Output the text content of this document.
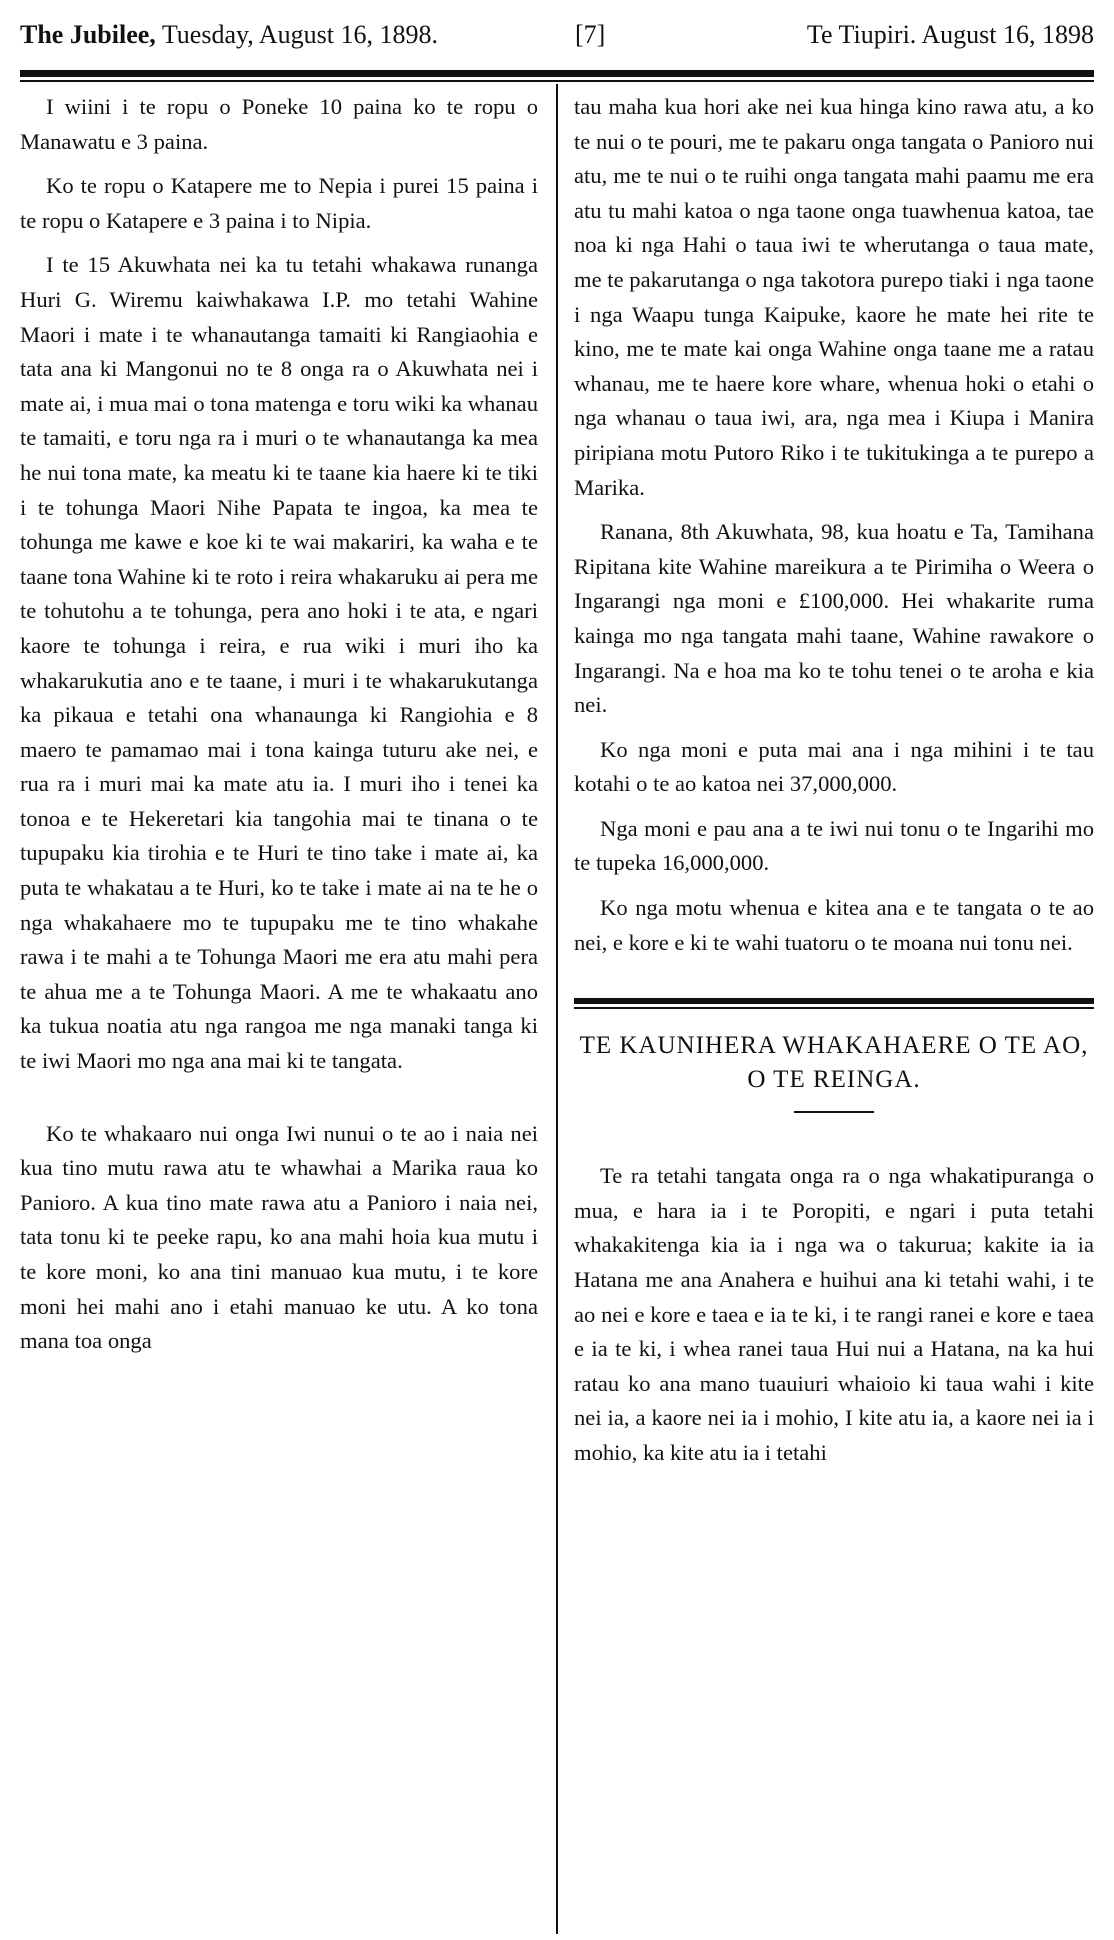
The Jubilee, Tuesday, August 16, 1898.	[7]	Te Tiupiri. August 16, 1898

I wiini i te ropu o Poneke 10 paina ko te ropu o Manawatu e 3 paina.

Ko te ropu o Katapere me to Nepia i purei 15 paina i te ropu o Katapere e 3 paina i to Nipia.

I te 15 Akuwhata nei ka tu tetahi whakawa runanga Huri G. Wiremu kaiwhakawa I.P. mo tetahi Wahine Maori i mate i te whanautanga tamaiti ki Rangiaohia e tata ana ki Mangonui no te 8 onga ra o Akuwhata nei i mate ai, i mua mai o tona matenga e toru wiki ka whanau te tamaiti, e toru nga ra i muri o te whanautanga ka mea he nui tona mate, ka meatu ki te taane kia haere ki te tiki i te tohunga Maori Nihe Papata te ingoa, ka mea te tohunga me kawe e koe ki te wai makariri, ka waha e te taane tona Wahine ki te roto i reira whakaruku ai pera me te tohutohu a te tohunga, pera ano hoki i te ata, e ngari kaore te tohunga i reira, e rua wiki i muri iho ka whakarukutia ano e te taane, i muri i te whakarukutanga ka pikaua e tetahi ona whanaunga ki Rangiohia e 8 maero te pamamao mai i tona kainga tuturu ake nei, e rua ra i muri mai ka mate atu ia. I muri iho i tenei ka tonoa e te Hekeretari kia tangohia mai te tinana o te tupupaku kia tirohia e te Huri te tino take i mate ai, ka puta te whakatau a te Huri, ko te take i mate ai na te he o nga whakahaere mo te tupupaku me te tino whakahe rawa i te mahi a te Tohunga Maori me era atu mahi pera te ahua me a te Tohunga Maori. A me te whakaatu ano ka tukua noatia atu nga rangoa me nga manaki tanga ki te iwi Maori mo nga ana mai ki te tangata.

Ko te whakaaro nui onga Iwi nunui o te ao i naia nei kua tino mutu rawa atu te whawhai a Marika raua ko Panioro. A kua tino mate rawa atu a Panioro i naia nei, tata tonu ki te peeke rapu, ko ana mahi hoia kua mutu i te kore moni, ko ana tini manuao kua mutu, i te kore moni hei mahi ano i etahi manuao ke utu. A ko tona mana toa onga

tau maha kua hori ake nei kua hinga kino rawa atu, a ko te nui o te pouri, me te pakaru onga tangata o Panioro nui atu, me te nui o te ruihi onga tangata mahi paamu me era atu tu mahi katoa o nga taone onga tuawhenua katoa, tae noa ki nga Hahi o taua iwi te wherutanga o taua mate, me te pakarutanga o nga takotora purepo tiaki i nga taone i nga Waapu tunga Kaipuke, kaore he mate hei rite te kino, me te mate kai onga Wahine onga taane me a ratau whanau, me te haere kore whare, whenua hoki o etahi o nga whanau o taua iwi, ara, nga mea i Kiupa i Manira piripiana motu Putoro Riko i te tukitukinga a te purepo a Marika.

Ranana, 8th Akuwhata, 98, kua hoatu e Ta, Tamihana Ripitana kite Wahine mareikura a te Pirimiha o Weera o Ingarangi nga moni e £100,000. Hei whakarite ruma kainga mo nga tangata mahi taane, Wahine rawakore o Ingarangi. Na e hoa ma ko te tohu tenei o te aroha e kia nei.

Ko nga moni e puta mai ana i nga mihini i te tau kotahi o te ao katoa nei 37,000,000.

Nga moni e pau ana a te iwi nui tonu o te Ingarihi mo te tupeka 16,000,000.

Ko nga motu whenua e kitea ana e te tangata o te ao nei, e kore e ki te wahi tuatoru o te moana nui tonu nei.

TE KAUNIHERA WHAKAHAERE O TE AO, O TE REINGA.

Te ra tetahi tangata onga ra o nga whakatipuranga o mua, e hara ia i te Poropiti, e ngari i puta tetahi whakakitenga kia ia i nga wa o takurua; kakite ia ia Hatana me ana Anahera e huihui ana ki tetahi wahi, i te ao nei e kore e taea e ia te ki, i te rangi ranei e kore e taea e ia te ki, i whea ranei taua Hui nui a Hatana, na ka hui ratau ko ana mano tuauiuri whaioio ki taua wahi i kite nei ia, a kaore nei ia i mohio, I kite atu ia, a kaore nei ia i mohio, ka kite atu ia i tetahi
